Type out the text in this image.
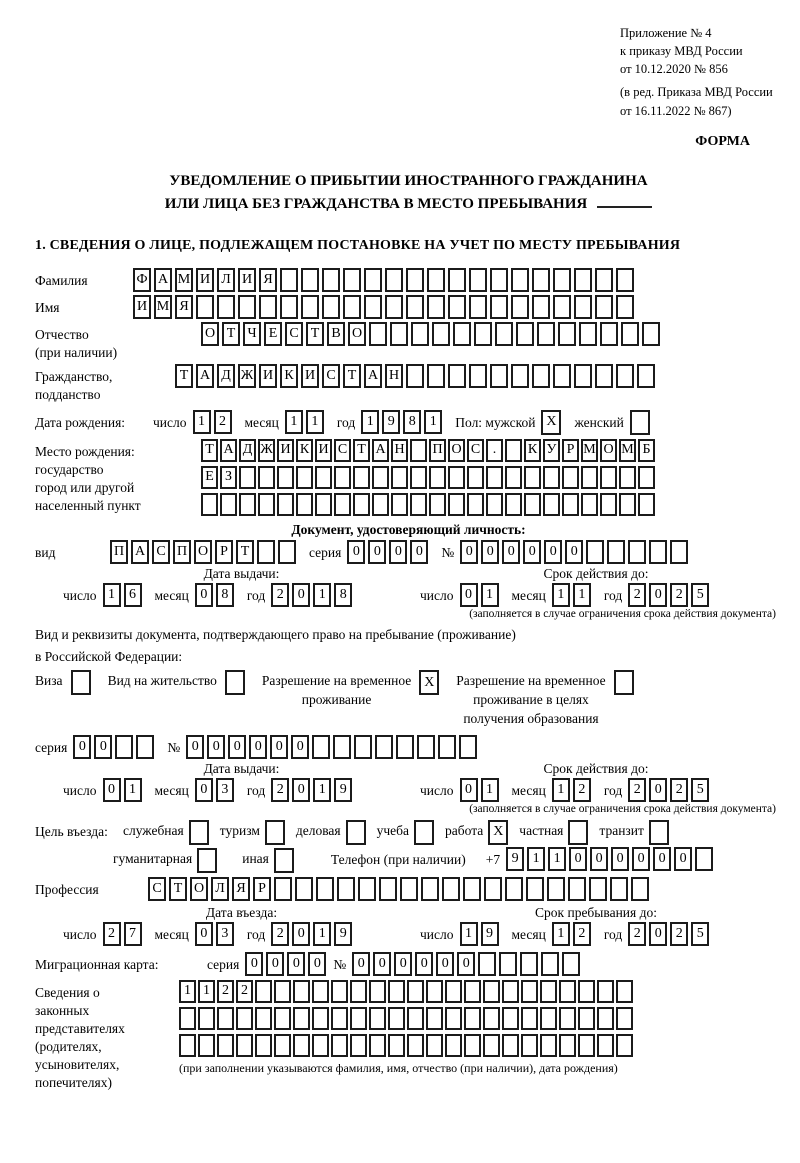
Приложение № 4
к приказу МВД России
от 10.12.2020 № 856
(в ред. Приказа МВД России
от 16.11.2022 № 867)
ФОРМА
УВЕДОМЛЕНИЕ О ПРИБЫТИИ ИНОСТРАННОГО ГРАЖДАНИНА
ИЛИ ЛИЦА БЕЗ ГРАЖДАНСТВА В МЕСТО ПРЕБЫВАНИЯ
1. СВЕДЕНИЯ О ЛИЦЕ, ПОДЛЕЖАЩЕМ ПОСТАНОВКЕ НА УЧЕТ ПО МЕСТУ ПРЕБЫВАНИЯ
Фамилия	Ф А М И Л И Я
Имя	И М Я
Отчество
(при наличии)
О Т Ч Е С Т В О
Гражданство,
подданство
Т А Д Ж И К И С Т А Н
Дата рождения:	число 1	2	месяц 1	1	год 1	9	8	1	Пол: мужской X	женский
Место рождения:
государство
город или другой
населенный пункт
Т А Д Ж И К И С Т А Н П О С .	К У Р М О М Б
Е З
Документ, удостоверяющий личность:
вид	П А С П О Р Т	серия 0	0	0	0	№ 0	0	0	0	0	0
Дата выдачи:
число 1	6	месяц 0	8	год 2	0	1	8
Срок действия до:
число 0	1	месяц 1	1	год 2	0	2	5
(заполняется в случае ограничения срока действия документа)
Вид и реквизиты документа, подтверждающего право на пребывание (проживание)
в Российской Федерации:
Виза	Вид на жительство	Разрешение на временное
проживание
X	Разрешение на временное
проживание в целях
получения образования
серия 0	0	№ 0	0	0	0	0	0
Дата выдачи:
число 0	1	месяц 0	3	год 2	0	1	9
Срок действия до:
число 0	1	месяц 1	2	год 2	0	2	5
(заполняется в случае ограничения срока действия документа)
Цель въезда:	служебная	туризм	деловая	учеба	работа X	частная	транзит
гуманитарная	иная	Телефон (при наличии) +7 9	1	1	0	0	0	0	0	0
Профессия	С Т О Л Я Р
Дата въезда:
число 2	7	месяц 0	3	год 2	0	1	9
Срок пребывания до:
число 1	9	месяц 1	2	год 2	0	2	5
Миграционная карта:	серия 0	0	0	0 № 0	0	0	0	0	0
Сведения о
законных
представителях
(родителях,
усыновителях,
попечителях)
1 1 2 2
(при заполнении указываются фамилия, имя, отчество (при наличии), дата рождения)
